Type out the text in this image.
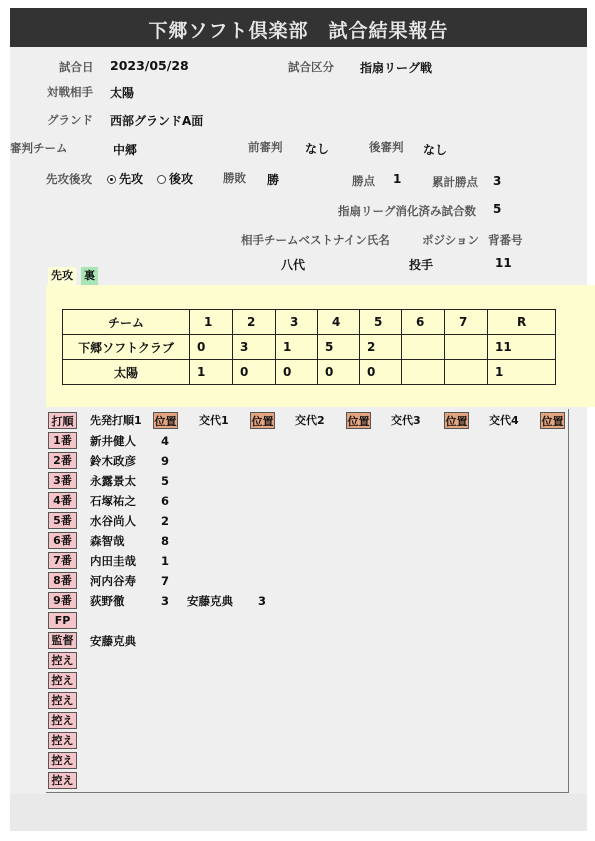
下郷ソフト倶楽部　試合結果報告
試合日 2023/05/28	試合区分 指扇リーグ戦
対戦相手 太陽
グランド 西部グランドA面
審判チーム	中郷	前審判 なし	後審判 なし
先攻後攻	先攻	後攻	勝敗 勝	勝点 1	累計勝点 3
指扇リーグ消化済み試合数 5
相手チームベストナイン氏名	ポジション 背番号
八代	投手	11
先攻 裏
チーム	1	2	3	4	5	6	7	R
下郷ソフトクラブ	0	3	1	5	2			11
太陽	1	0	0	0	0			1
打順	先発打順1 位置 交代1 位置 交代2 位置 交代3 位置 交代4 位置
1番	新井健人 4
2番	鈴木政彦 9
3番	永露景太 5
4番	石塚祐之 6
5番	水谷尚人 2
6番	森智哉	8
7番	内田圭哉 1
8番	河内谷寿 7
9番	荻野徹	3 安藤克典 3
FP
監督	安藤克典
控え
控え
控え
控え
控え
控え
控え
